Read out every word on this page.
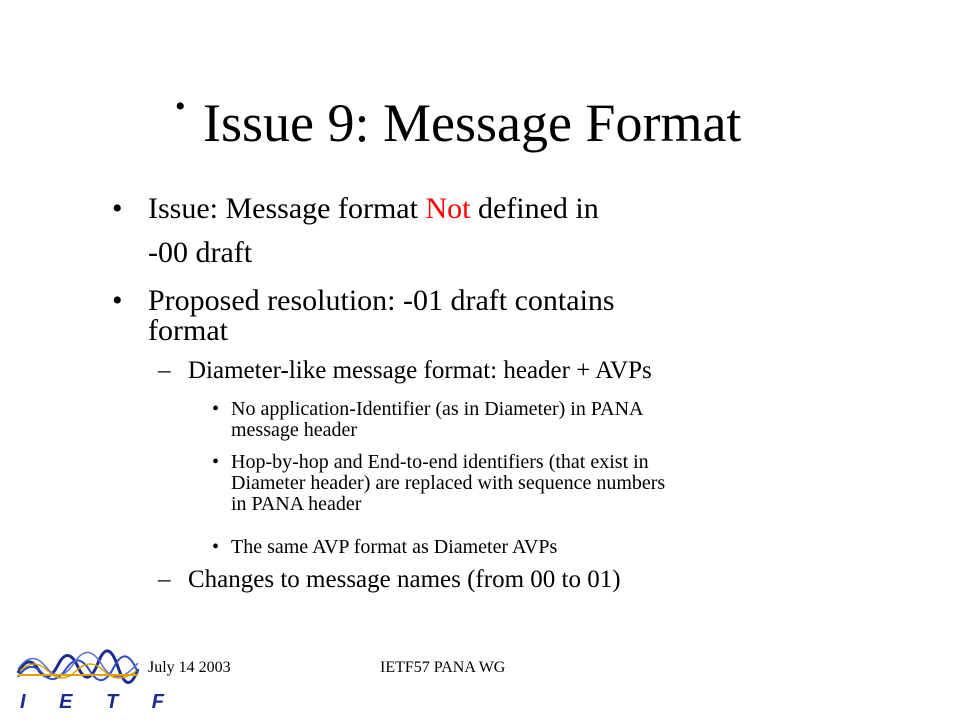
• Issue 9: Message Format
• Issue: Message format Not defined in
-00 draft
• Proposed resolution: -01 draft contains
format
– Diameter-like message format: header + AVPs
• No application-Identifier (as in Diameter) in PANA
message header
• Hop-by-hop and End-to-end identifiers (that exist in
Diameter header) are replaced with sequence numbers
in PANA header
• The same AVP format as Diameter AVPs
– Changes to message names (from 00 to 01)
I E T F
July 14 2003	IETF57 PANA WG
